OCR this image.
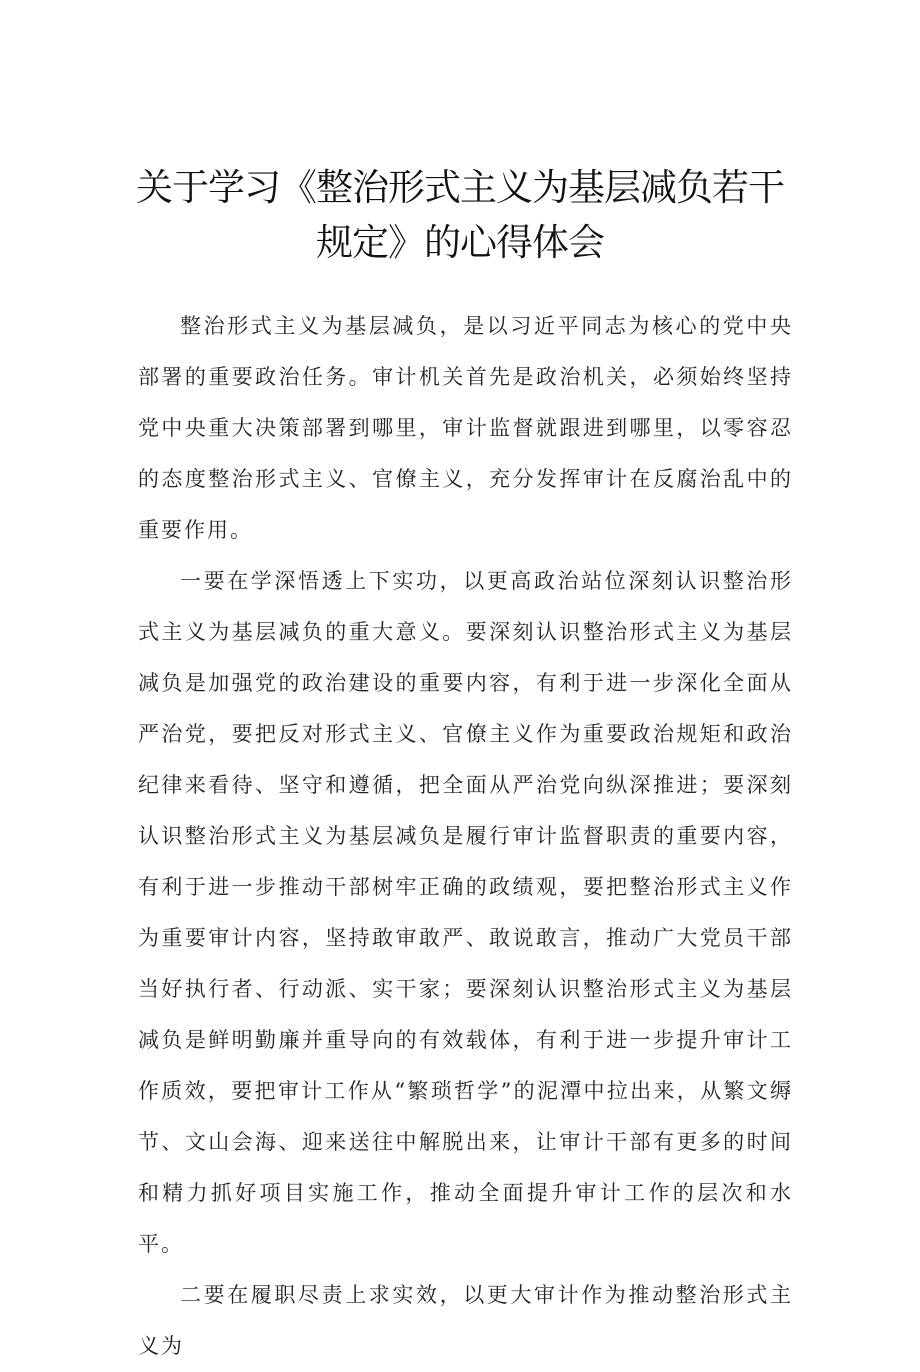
关于学习《整治形式主义为基层减负若干
规定》的心得体会

整治形式主义为基层减负，是以习近平同志为核心的党中央部署的重要政治任务。审计机关首先是政治机关，必须始终坚持党中央重大决策部署到哪里，审计监督就跟进到哪里，以零容忍的态度整治形式主义、官僚主义，充分发挥审计在反腐治乱中的重要作用。

一要在学深悟透上下实功，以更高政治站位深刻认识整治形式主义为基层减负的重大意义。要深刻认识整治形式主义为基层减负是加强党的政治建设的重要内容，有利于进一步深化全面从严治党，要把反对形式主义、官僚主义作为重要政治规矩和政治纪律来看待、坚守和遵循，把全面从严治党向纵深推进；要深刻认识整治形式主义为基层减负是履行审计监督职责的重要内容，有利于进一步推动干部树牢正确的政绩观，要把整治形式主义作为重要审计内容，坚持敢审敢严、敢说敢言，推动广大党员干部当好执行者、行动派、实干家；要深刻认识整治形式主义为基层减负是鲜明勤廉并重导向的有效载体，有利于进一步提升审计工作质效，要把审计工作从“繁琐哲学”的泥潭中拉出来，从繁文缛节、文山会海、迎来送往中解脱出来，让审计干部有更多的时间和精力抓好项目实施工作，推动全面提升审计工作的层次和水平。

二要在履职尽责上求实效，以更大审计作为推动整治形式主义为
